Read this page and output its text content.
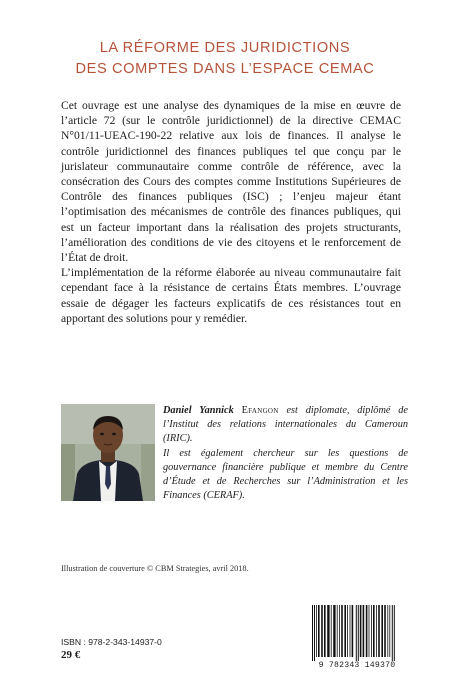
LA RÉFORME DES JURIDICTIONS
DES COMPTES DANS L’ESPACE CEMAC

Cet ouvrage est une analyse des dynamiques de la mise en œuvre de l’article 72 (sur le contrôle juridictionnel) de la directive CEMAC N°01/11-UEAC-190-22 relative aux lois de finances. Il analyse le contrôle juridictionnel des finances publiques tel que conçu par le jurislateur communautaire comme contrôle de référence, avec la consécration des Cours des comptes comme Institutions Supérieures de Contrôle des finances publiques (ISC) ; l’enjeu majeur étant l’optimisation des mécanismes de contrôle des finances publiques, qui est un facteur important dans la réalisation des projets structurants, l’amélioration des conditions de vie des citoyens et le renforcement de l’État de droit.

L’implémentation de la réforme élaborée au niveau communautaire fait cependant face à la résistance de certains États membres. L’ouvrage essaie de dégager les facteurs explicatifs de ces résistances tout en apportant des solutions pour y remédier.

Daniel Yannick Efangon est diplomate, diplômé de l’Institut des relations internationales du Cameroun (IRIC).

Il est également chercheur sur les questions de gouvernance financière publique et membre du Centre d’Étude et de Recherches sur l’Administration et les Finances (CERAF).

Illustration de couverture © CBM Strategies, avril 2018.
ISBN : 978-2-343-14937-0
29 €
9 782343 149370
